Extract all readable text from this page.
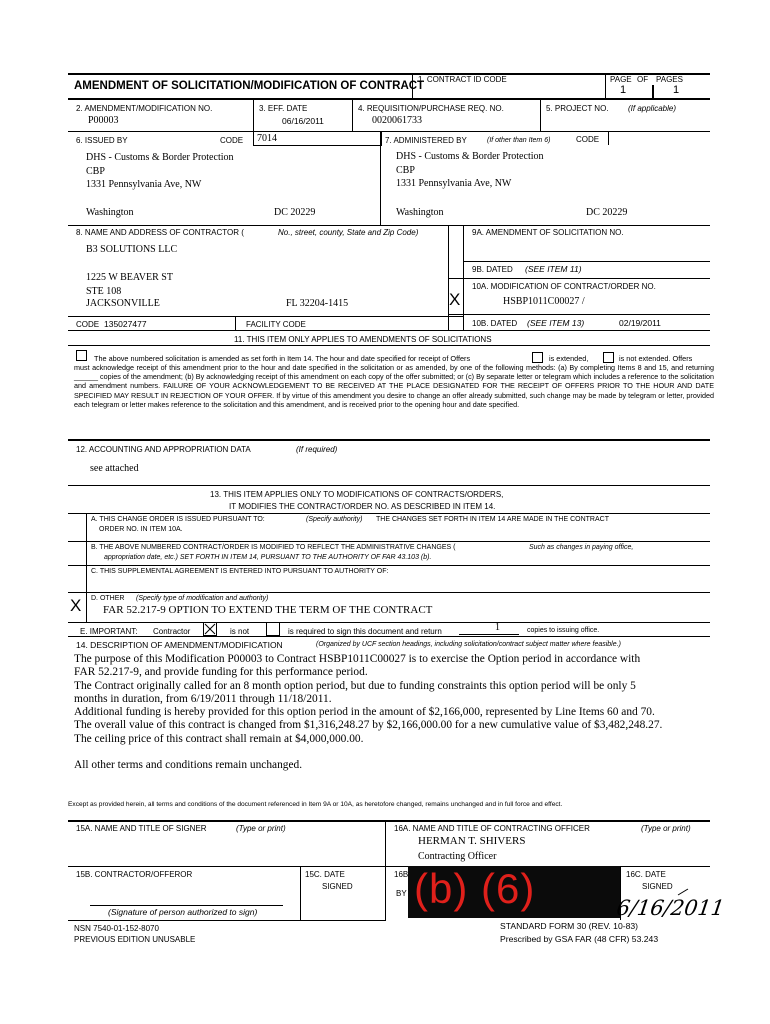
AMENDMENT OF SOLICITATION/MODIFICATION OF CONTRACT
1. CONTRACT ID CODE	PAGE OF PAGES
1	1
2. AMENDMENT/MODIFICATION NO.
P00003
3. EFF. DATE
06/16/2011
4. REQUISITION/PURCHASE REQ. NO.
0020061733
5. PROJECT NO. (If applicable)
6. ISSUED BY	CODE 7014
DHS - Customs & Border Protection
CBP
1331 Pennsylvania Ave, NW
Washington	DC 20229
7. ADMINISTERED BY	(If other than Item 6)	CODE
DHS - Customs & Border Protection
CBP
1331 Pennsylvania Ave, NW
Washington	DC 20229
8. NAME AND ADDRESS OF CONTRACTOR (	No., street, county, State and Zip Code)
B3 SOLUTIONS LLC
1225 W BEAVER ST
STE 108
JACKSONVILLE	FL 32204-1415
CODE 135027477	FACILITY CODE
9A. AMENDMENT OF SOLICITATION NO.
9B. DATED (SEE ITEM 11)
X
10A. MODIFICATION OF CONTRACT/ORDER NO.
HSBP1011C00027 /
10B. DATED (SEE ITEM 13)	02/19/2011
11. THIS ITEM ONLY APPLIES TO AMENDMENTS OF SOLICITATIONS
The above numbered solicitation is amended as set forth in Item 14. The hour and date specified for receipt of Offers	is extended,	is not extended. Offers
must acknowledge receipt of this amendment prior to the hour and date specified in the solicitation or as amended, by one of the following methods: (a) By completing Items 8 and 15, and returning ______ copies of the amendment; (b) By acknowledging receipt of this amendment on each copy of the offer submitted; or (c) By separate letter or telegram which includes a reference to the solicitation and amendment numbers. FAILURE OF YOUR ACKNOWLEDGEMENT TO BE RECEIVED AT THE PLACE DESIGNATED FOR THE RECEIPT OF OFFERS PRIOR TO THE HOUR AND DATE SPECIFIED MAY RESULT IN REJECTION OF YOUR OFFER. If by virtue of this amendment you desire to change an offer already submitted, such change may be made by telegram or letter, provided each telegram or letter makes reference to the solicitation and this amendment, and is received prior to the opening hour and date specified.
12. ACCOUNTING AND APPROPRIATION DATA	(If required)
see attached
13. THIS ITEM APPLIES ONLY TO MODIFICATIONS OF CONTRACTS/ORDERS,
IT MODIFIES THE CONTRACT/ORDER NO. AS DESCRIBED IN ITEM 14.
A. THIS CHANGE ORDER IS ISSUED PURSUANT TO:
ORDER NO. IN ITEM 10A.
(Specify authority) THE CHANGES SET FORTH IN ITEM 14 ARE MADE IN THE CONTRACT
B. THE ABOVE NUMBERED CONTRACT/ORDER IS MODIFIED TO REFLECT THE ADMINISTRATIVE CHANGES (	Such as changes in paying office,
appropriation date, etc.) SET FORTH IN ITEM 14, PURSUANT TO THE AUTHORITY OF FAR 43.103 (b).
C. THIS SUPPLEMENTAL AGREEMENT IS ENTERED INTO PURSUANT TO AUTHORITY OF:
X D. OTHER (Specify type of modification and authority)
FAR 52.217-9 OPTION TO EXTEND THE TERM OF THE CONTRACT
E. IMPORTANT: Contractor	is not	is required to sign this document and return	1	copies to issuing office.
14. DESCRIPTION OF AMENDMENT/MODIFICATION	(Organized by UCF section headings, including solicitation/contract subject matter where feasible.)
The purpose of this Modification P00003 to Contract HSBP1011C00027 is to exercise the Option period in accordance with
FAR 52.217-9, and provide funding for this performance period.
The Contract originally called for an 8 month option period, but due to funding constraints this option period will be only 5
months in duration, from 6/19/2011 through 11/18/2011.
Additional funding is hereby provided for this option period in the amount of $2,166,000, represented by Line Items 60 and 70.
The overall value of this contract is changed from $1,316,248.27 by $2,166,000.00 for a new cumulative value of $3,482,248.27.
The ceiling price of this contract shall remain at $4,000,000.00.
All other terms and conditions remain unchanged.
Except as provided herein, all terms and conditions of the document referenced in Item 9A or 10A, as heretofore changed, remains unchanged and in full force and effect.
15A. NAME AND TITLE OF SIGNER	(Type or print)	16A. NAME AND TITLE OF CONTRACTING OFFICER	(Type or print)
HERMAN T. SHIVERS
Contracting Officer
15B. CONTRACTOR/OFFEROR	15C. DATE
SIGNED
(Signature of person authorized to sign)
16B
BY (b) (6)	16C. DATE
SIGNED
6/16/2011
NSN 7540-01-152-8070
PREVIOUS EDITION UNUSABLE
STANDARD FORM 30 (REV. 10-83)
Prescribed by GSA FAR (48 CFR) 53.243
